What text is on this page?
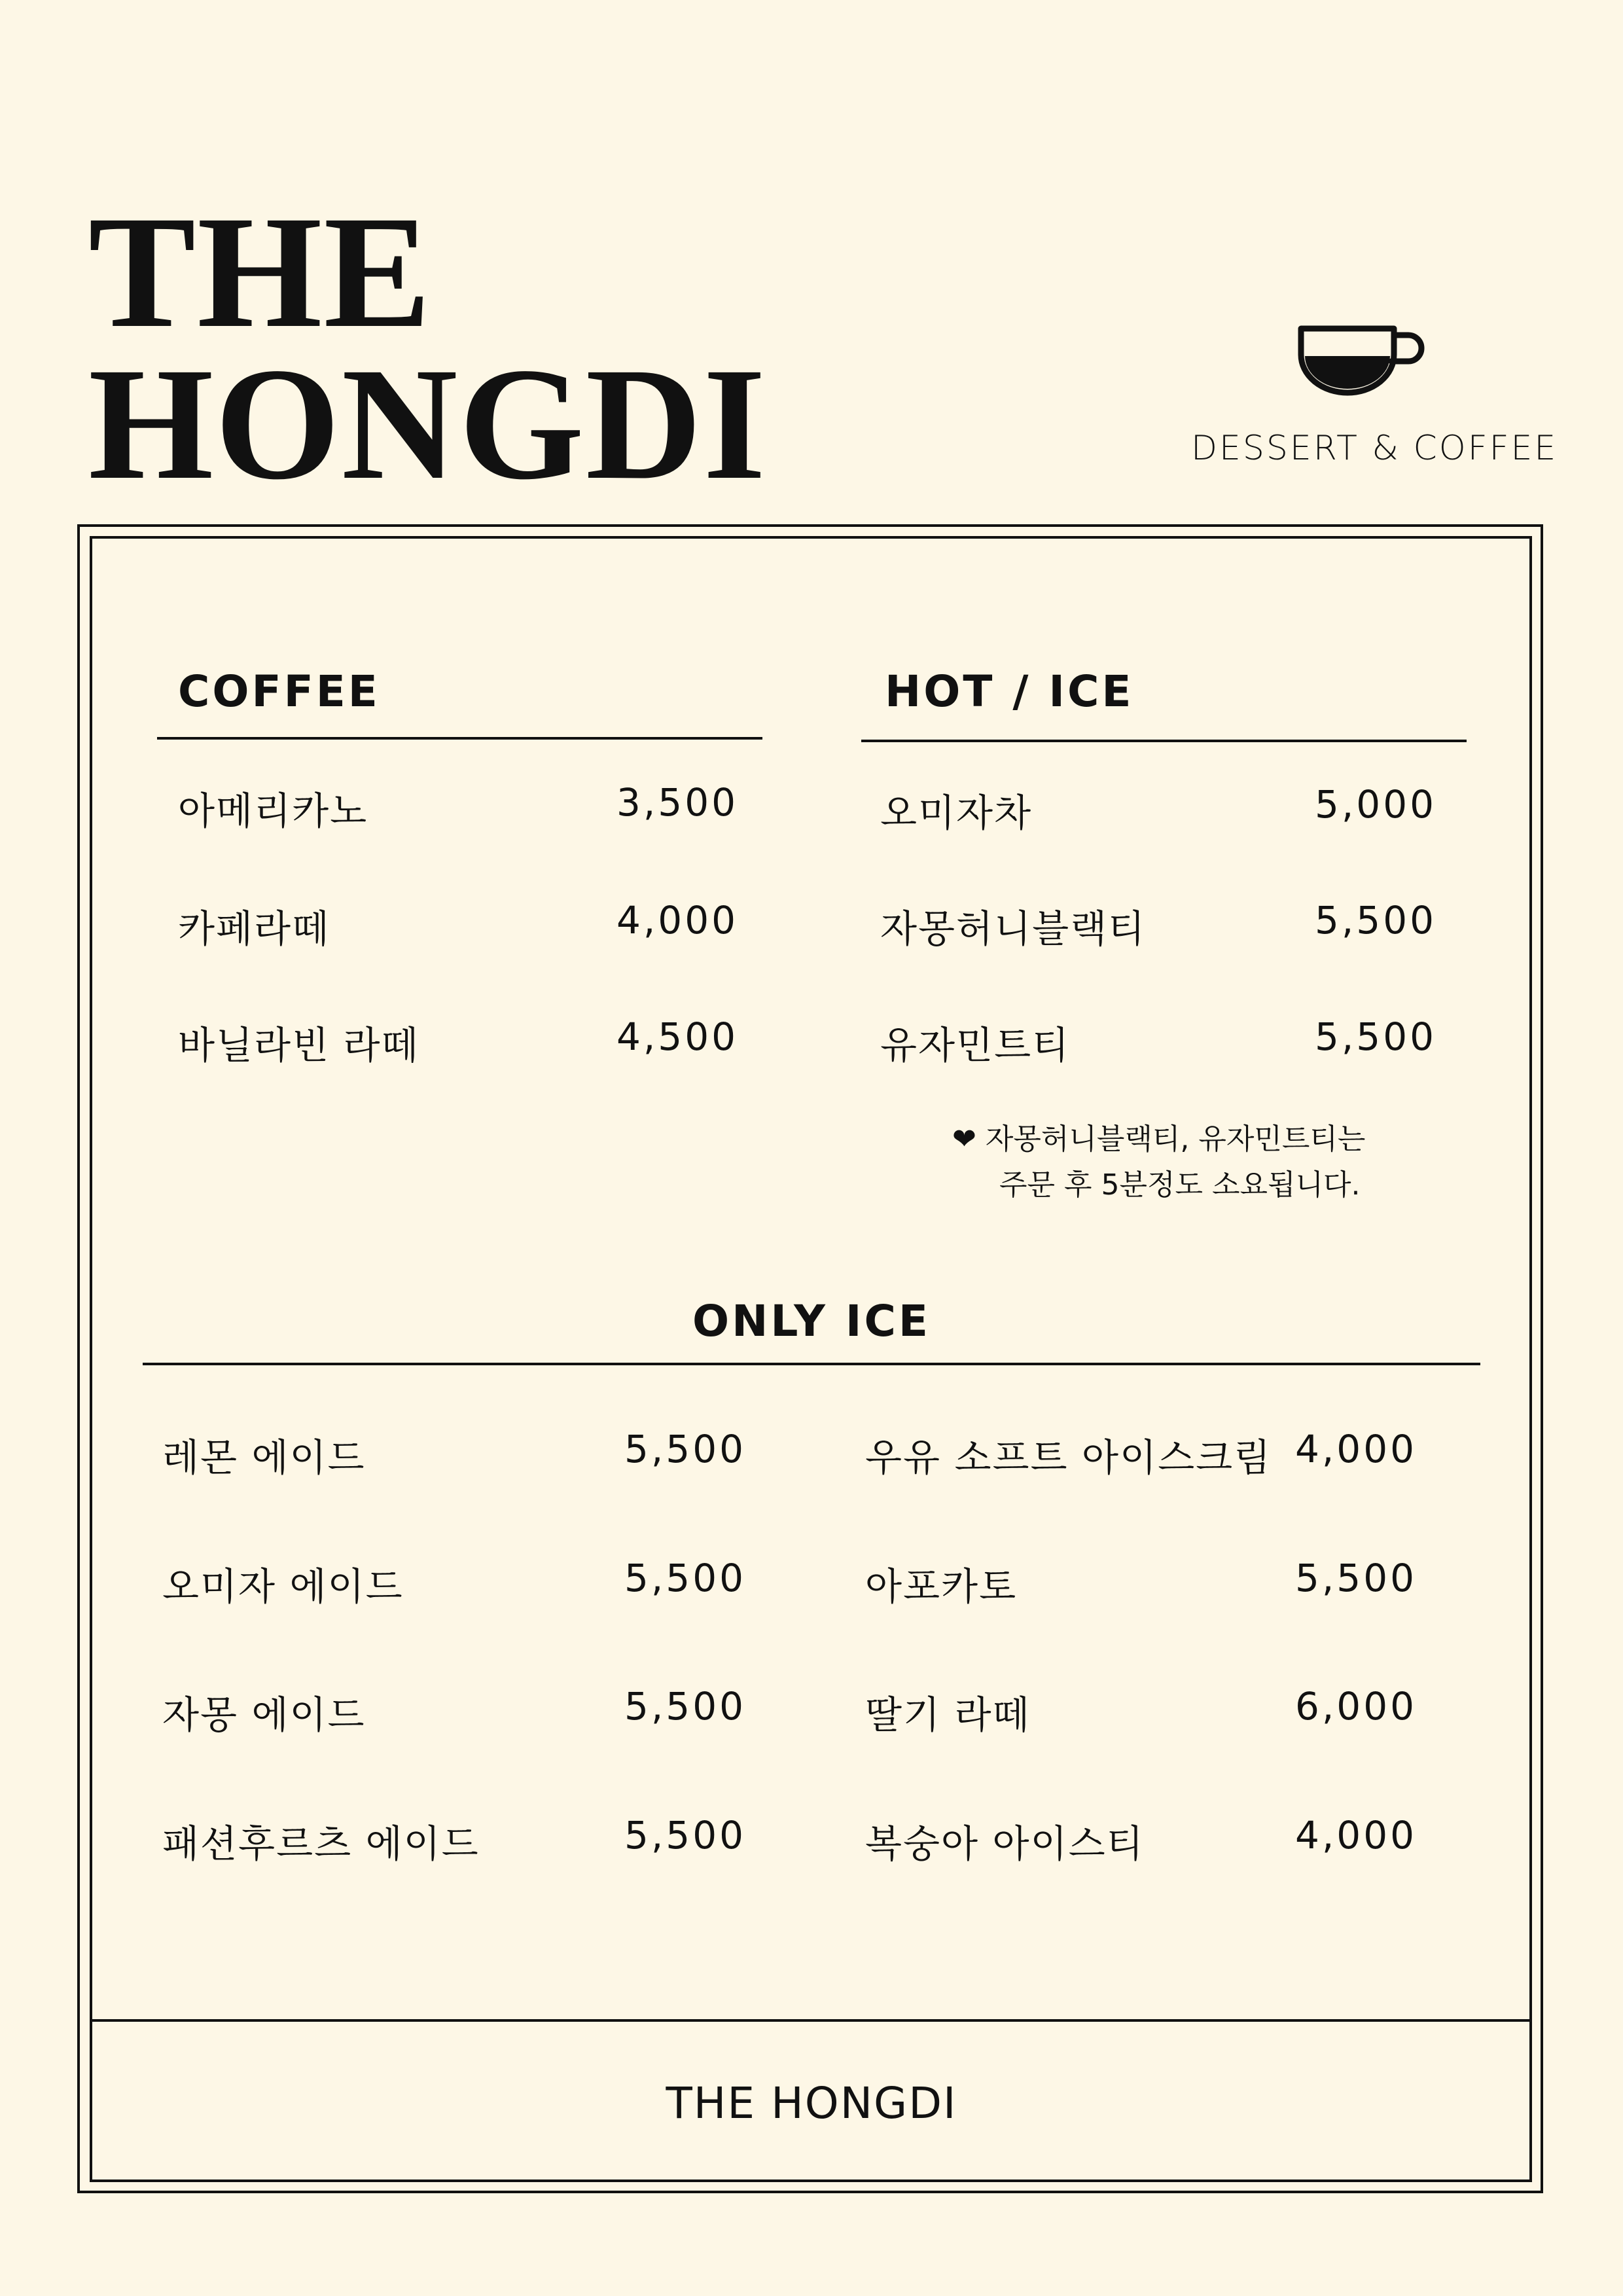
THE
HONGDI	DESSERT & COFFEE
COFFEE
아메리카노	3,500
카페라떼	4,000
바닐라빈 라떼	4,500
HOT / ICE
오미자차	5,000
자몽허니블랙티	5,500
유자민트티	5,500
❤ 자몽허니블랙티, 유자민트티는
주문 후 5분정도 소요됩니다.
ONLY ICE
레몬 에이드	5,500
오미자 에이드	5,500
자몽 에이드	5,500
패션후르츠 에이드	5,500
우유 소프트 아이스크림 4,000
아포카토	5,500
딸기 라떼	6,000
복숭아 아이스티	4,000
THE HONGDI
